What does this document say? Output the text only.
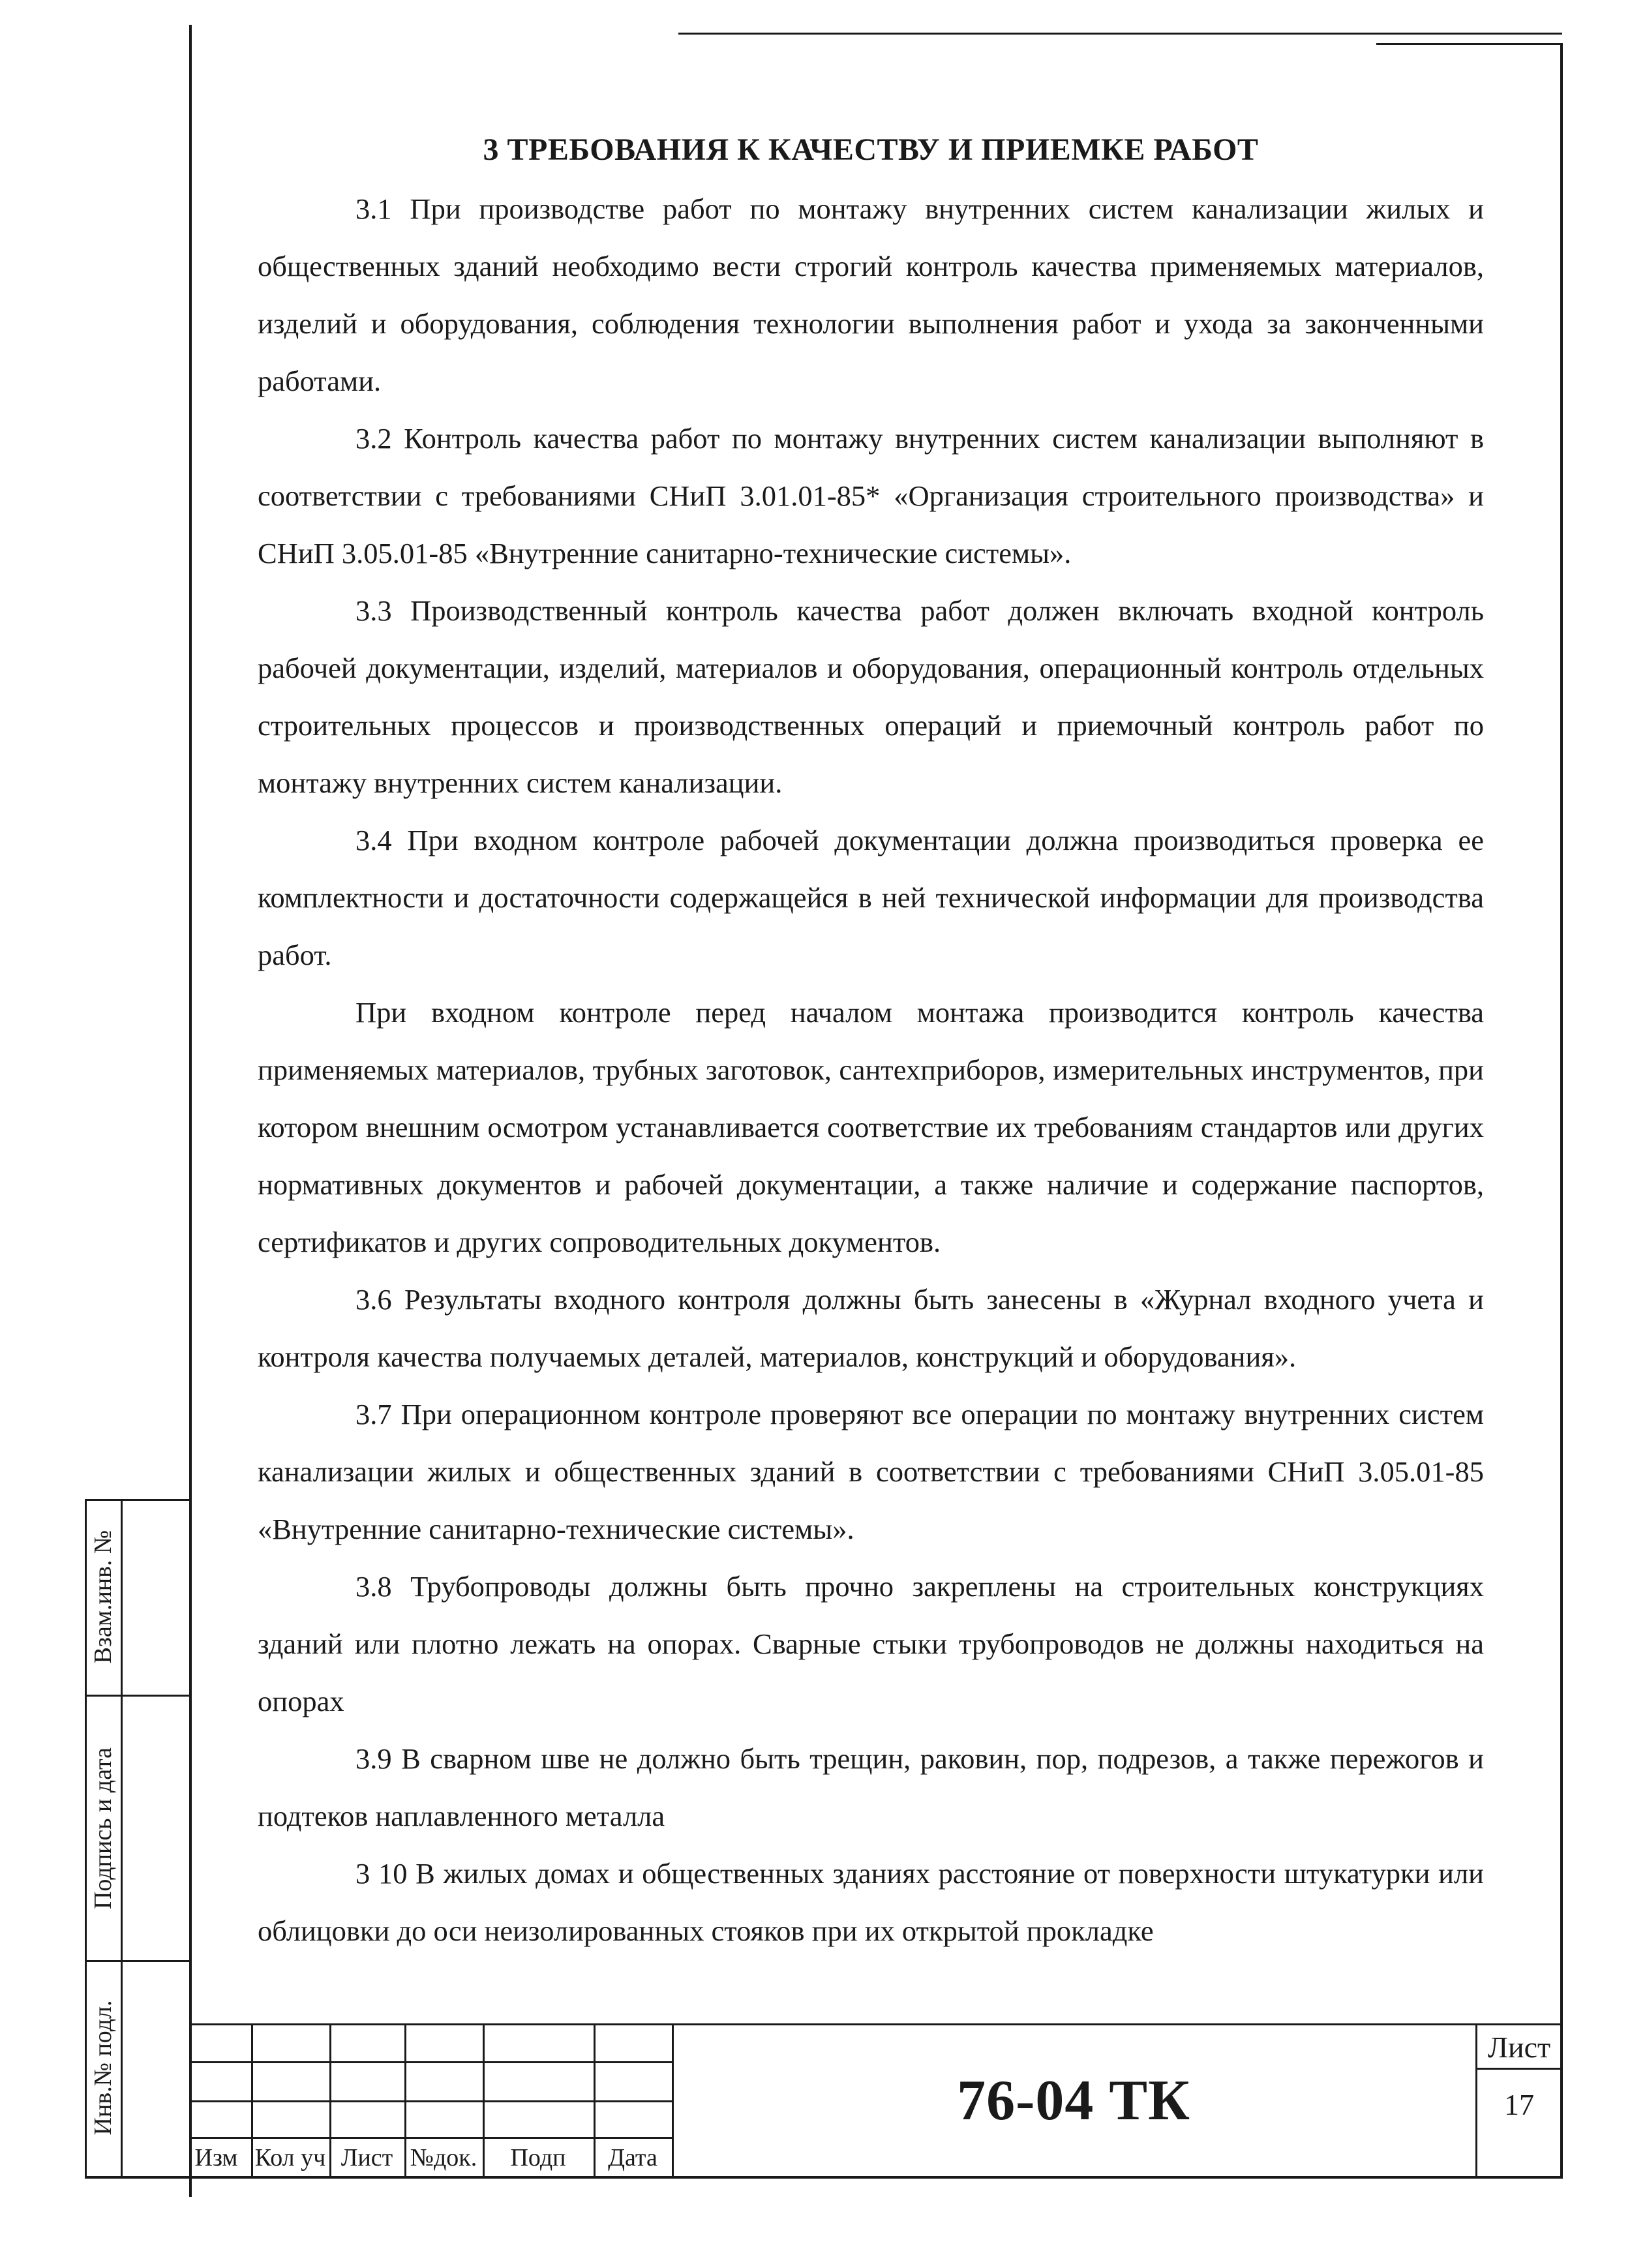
Взам.инв. №
Подпись и дата
Инв.№ подл.
3 ТРЕБОВАНИЯ К КАЧЕСТВУ И ПРИЕМКЕ РАБОТ

3.1 При производстве работ по монтажу внутренних систем канализации жилых и общественных зданий необходимо вести строгий контроль качества применяемых материалов, изделий и оборудования, соблюдения технологии выполнения работ и ухода за законченными работами.

3.2 Контроль качества работ по монтажу внутренних систем канализации выполняют в соответствии с требованиями СНиП 3.01.01-85* «Организация строительного производства» и СНиП 3.05.01-85 «Внутренние санитарно-технические системы».

3.3 Производственный контроль качества работ должен включать входной контроль рабочей документации, изделий, материалов и оборудования, операционный контроль отдельных строительных процессов и производственных операций и приемочный контроль работ по монтажу внутренних систем канализации.

3.4 При входном контроле рабочей документации должна производиться проверка ее комплектности и достаточности содержащейся в ней технической информации для производства работ.

При входном контроле перед началом монтажа производится контроль качества применяемых материалов, трубных заготовок, сантехприборов, измерительных инструментов, при котором внешним осмотром устанавливается соответствие их требованиям стандартов или других нормативных документов и рабочей документации, а также наличие и содержание паспортов, сертификатов и других сопроводительных документов.

3.6 Результаты входного контроля должны быть занесены в «Журнал входного учета и контроля качества получаемых деталей, материалов, конструкций и оборудования».

3.7 При операционном контроле проверяют все операции по монтажу внутренних систем канализации жилых и общественных зданий в соответствии с требованиями СНиП 3.05.01-85 «Внутренние санитарно-технические системы».

3.8 Трубопроводы должны быть прочно закреплены на строительных конструкциях зданий или плотно лежать на опорах. Сварные стыки трубопроводов не должны находиться на опорах

3.9 В сварном шве не должно быть трещин, раковин, пор, подрезов, а также пережогов и подтеков наплавленного металла

3 10 В жилых домах и общественных зданиях расстояние от поверхности штукатурки или облицовки до оси неизолированных стояков при их открытой прокладке

Изм Кол уч Лист №док.	Подп	Дата
76-04 ТК
Лист
17
